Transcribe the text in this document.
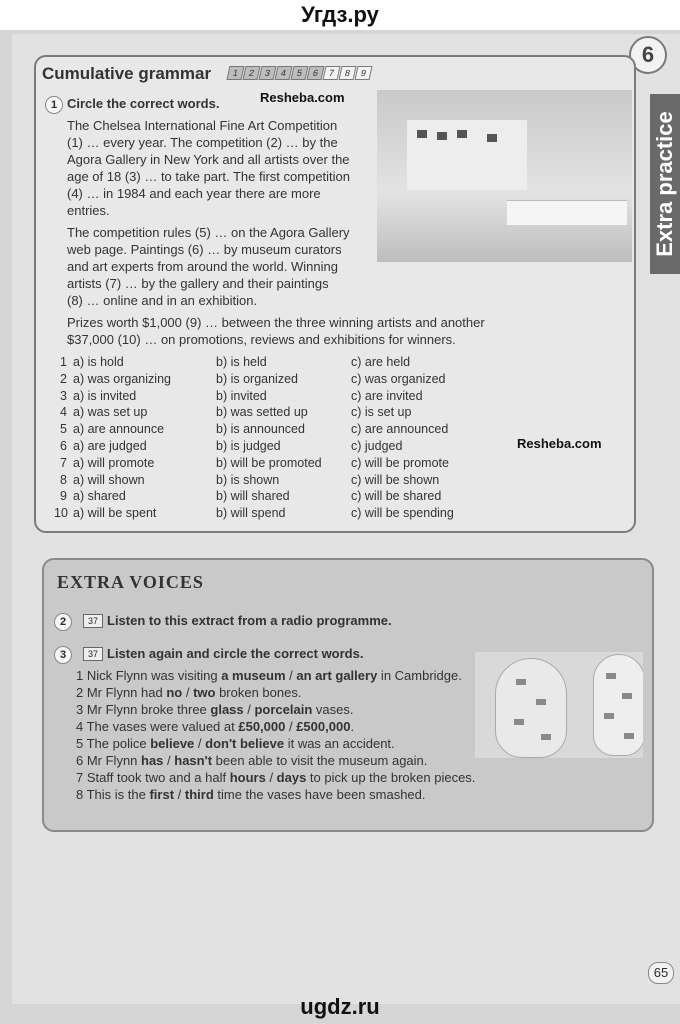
Угдз.ру
Extra practice
6
Cumulative grammar	1 2 3 4 5 6 7 8 9
1 Circle the correct words.	Resheba.com
The Chelsea International Fine Art Competition
(1) … every year. The competition (2) … by the
Agora Gallery in New York and all artists over the
age of 18 (3) … to take part. The first competition
(4) … in 1984 and each year there are more
entries.
The competition rules (5) … on the Agora Gallery
web page. Paintings (6) … by museum curators
and art experts from around the world. Winning
artists (7) … by the gallery and their paintings
(8) … online and in an exhibition.
Prizes worth $1,000 (9) … between the three winning artists and another
$37,000 (10) … on promotions, reviews and exhibitions for winners.
1 a) is hold	b) is held	c) are held
2 a) was organizing	b) is organized	c) was organized
3 a) is invited	b) invited	c) are invited
4 a) was set up	b) was setted up	c) is set up
5 a) are announce	b) is announced	c) are announced
6 a) are judged	b) is judged	c) judged
7 a) will promote	b) will be promoted c) will be promote
8 a) will shown	b) is shown	c) will be shown
9 a) shared	b) will shared	c) will be shared
10 a) will be spent	b) will spend	c) will be spending
Resheba.com
EXTRA VOICES
2	37 Listen to this extract from a radio programme.
3	37 Listen again and circle the correct words.
1 Nick Flynn was visiting a museum / an art gallery in Cambridge.
2 Mr Flynn had no / two broken bones.
3 Mr Flynn broke three glass / porcelain vases.
4 The vases were valued at £50,000 / £500,000.
5 The police believe / don't believe it was an accident.
6 Mr Flynn has / hasn't been able to visit the museum again.
7 Staff took two and a half hours / days to pick up the broken pieces.
8 This is the first / third time the vases have been smashed.
65
ugdz.ru
